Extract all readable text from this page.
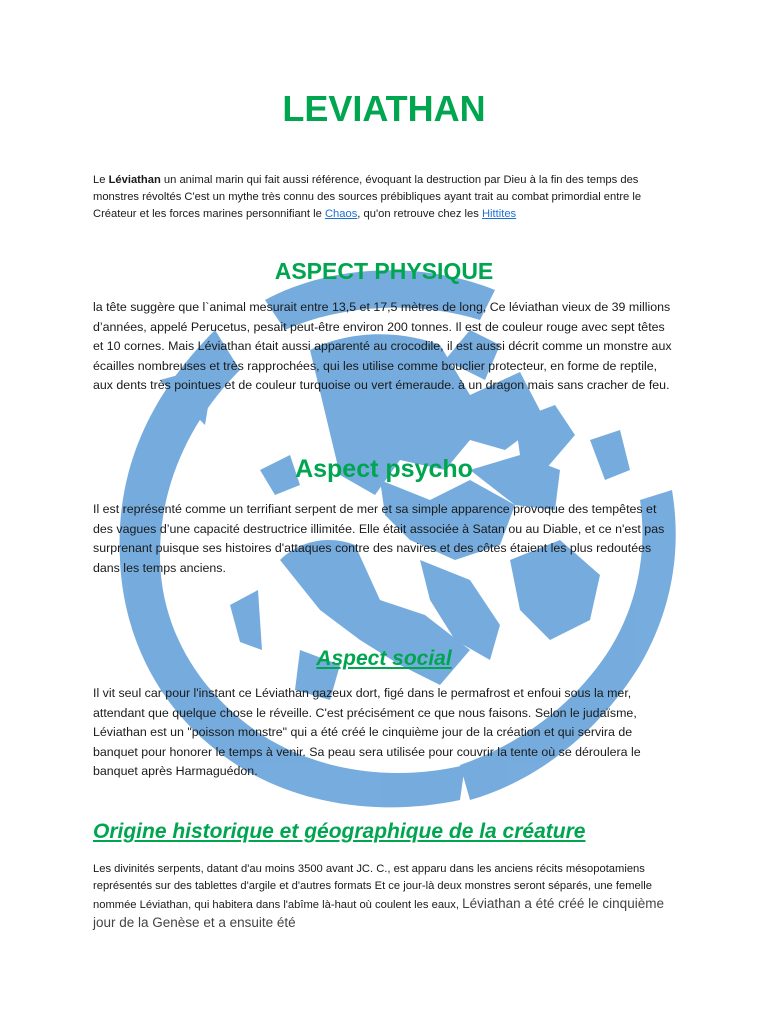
LEVIATHAN

Le Léviathan un animal marin qui fait aussi référence, évoquant la destruction par Dieu à la fin des temps des monstres révoltés C'est un mythe très connu des sources prébibliques ayant trait au combat primordial entre le Créateur et les forces marines personnifiant le Chaos, qu'on retrouve chez les Hittites

ASPECT PHYSIQUE

la tête suggère que l`animal mesurait entre 13,5 et 17,5 mètres de long, Ce léviathan vieux de 39 millions d’années, appelé Perucetus, pesait peut-être environ 200 tonnes. Il est de couleur rouge avec sept têtes et 10 cornes. Mais Léviathan était aussi apparenté au crocodile, il est aussi décrit comme un monstre aux écailles nombreuses et très rapprochées, qui les utilise comme bouclier protecteur, en forme de reptile, aux dents très pointues et de couleur turquoise ou vert émeraude. à un dragon mais sans cracher de feu.

Aspect psycho

Il est représenté comme un terrifiant serpent de mer et sa simple apparence provoque des tempêtes et des vagues d’une capacité destructrice illimitée. Elle était associée à Satan ou au Diable, et ce n'est pas surprenant puisque ses histoires d'attaques contre des navires et des côtes étaient les plus redoutées dans les temps anciens.

Aspect social

Il vit seul car pour l'instant ce Léviathan gazeux dort, figé dans le permafrost et enfoui sous la mer, attendant que quelque chose le réveille. C'est précisément ce que nous faisons. Selon le judaïsme, Léviathan est un "poisson monstre" qui a été créé le cinquième jour de la création et qui servira de banquet pour honorer le temps à venir. Sa peau sera utilisée pour couvrir la tente où se déroulera le banquet après Harmaguédon.

Origine historique et géographique de la créature

Les divinités serpents, datant d'au moins 3500 avant JC. C., est apparu dans les anciens récits mésopotamiens représentés sur des tablettes d'argile et d'autres formats Et ce jour-là deux monstres seront séparés, une femelle nommée Léviathan, qui habitera dans l'abîme là-haut où coulent les eaux, Léviathan a été créé le cinquième jour de la Genèse et a ensuite été
